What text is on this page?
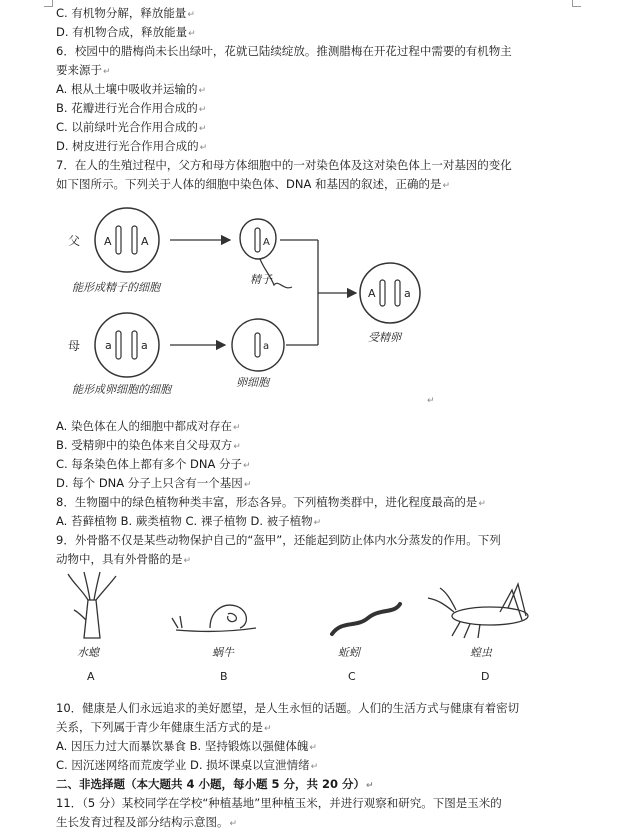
C. 有机物分解，释放能量↵
D. 有机物合成，释放能量↵
6．校园中的腊梅尚未长出绿叶，花就已陆续绽放。推测腊梅在开花过程中需要的有机物主
要来源于↵
A. 根从土壤中吸收并运输的↵
B. 花瓣进行光合作用合成的↵
C. 以前绿叶光合作用合成的↵
D. 树皮进行光合作用合成的↵
7．在人的生殖过程中，父方和母方体细胞中的一对染色体及这对染色体上一对基因的变化
如下图所示。下列关于人体的细胞中染色体、DNA 和基因的叙述，正确的是↵
父 A	A
能形成精子的细胞
A
精子
母 a	a
能形成卵细胞的细胞
a
卵细胞
A	a
受精卵
↵
A. 染色体在人的细胞中都成对存在↵
B. 受精卵中的染色体来自父母双方↵
C. 每条染色体上都有多个 DNA 分子↵
D. 每个 DNA 分子上只含有一个基因↵
8．生物圈中的绿色植物种类丰富，形态各异。下列植物类群中，进化程度最高的是↵
A. 苔藓植物 B. 蕨类植物 C. 裸子植物 D. 被子植物↵
9．外骨骼不仅是某些动物保护自己的“盔甲”，还能起到防止体内水分蒸发的作用。下列
动物中，具有外骨骼的是↵
水螅
A
蜗牛
B
蚯蚓
C
蝗虫
D
10．健康是人们永远追求的美好愿望，是人生永恒的话题。人们的生活方式与健康有着密切
关系，下列属于青少年健康生活方式的是↵
A. 因压力过大而暴饮暴食 B. 坚持锻炼以强健体魄↵
C. 因沉迷网络而荒废学业 D. 损坏课桌以宣泄情绪↵
二、非选择题（本大题共 4 小题，每小题 5 分，共 20 分）↵
11．（5 分）某校同学在学校“种植基地”里种植玉米，并进行观察和研究。下图是玉米的
生长发育过程及部分结构示意图。↵
